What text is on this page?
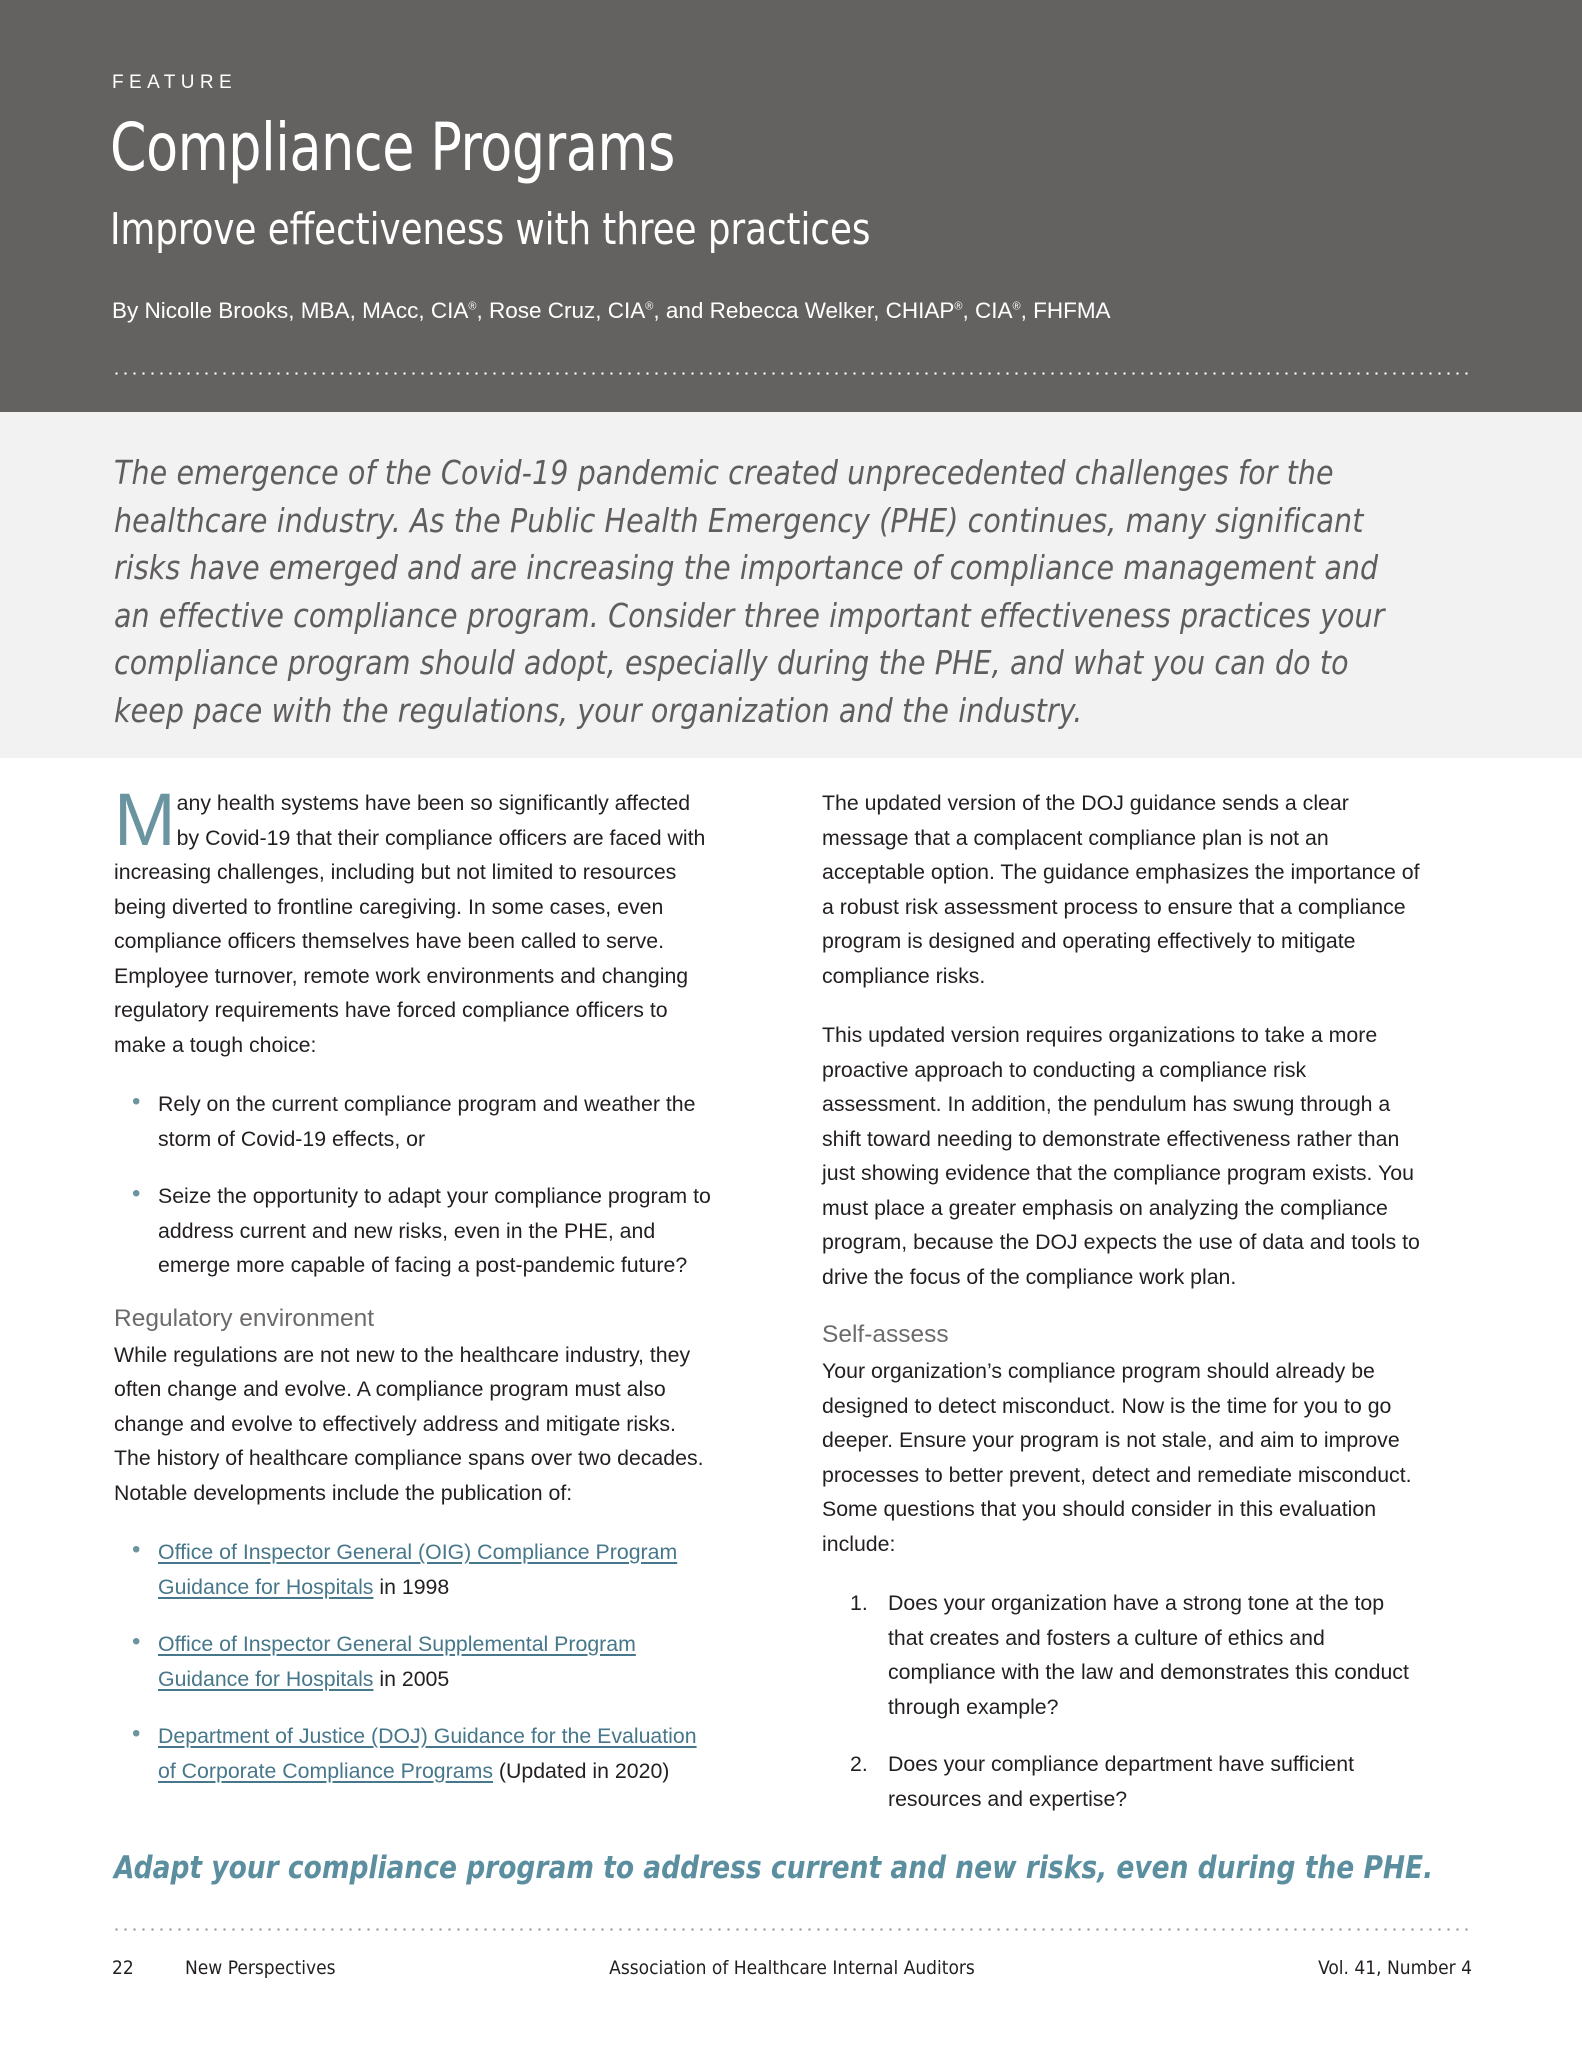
FEATURE
Compliance Programs
Improve effectiveness with three practices
By Nicolle Brooks, MBA, MAcc, CIA®, Rose Cruz, CIA®, and Rebecca Welker, CHIAP®, CIA®, FHFMA
The emergence of the Covid-19 pandemic created unprecedented challenges for the healthcare industry. As the Public Health Emergency (PHE) continues, many significant risks have emerged and are increasing the importance of compliance management and an effective compliance program. Consider three important effectiveness practices your compliance program should adopt, especially during the PHE, and what you can do to keep pace with the regulations, your organization and the industry.

Many health systems have been so significantly affected by Covid-19 that their compliance officers are faced with increasing challenges, including but not limited to resources being diverted to frontline caregiving. In some cases, even compliance officers themselves have been called to serve. Employee turnover, remote work environments and changing regulatory requirements have forced compliance officers to make a tough choice:

• Rely on the current compliance program and weather the storm of Covid-19 effects, or
• Seize the opportunity to adapt your compliance program to address current and new risks, even in the PHE, and emerge more capable of facing a post-pandemic future?
Regulatory environment

While regulations are not new to the healthcare industry, they often change and evolve. A compliance program must also change and evolve to effectively address and mitigate risks. The history of healthcare compliance spans over two decades. Notable developments include the publication of:

• Office of Inspector General (OIG) Compliance Program Guidance for Hospitals in 1998
• Office of Inspector General Supplemental Program Guidance for Hospitals in 2005
• Department of Justice (DOJ) Guidance for the Evaluation of Corporate Compliance Programs (Updated in 2020)

The updated version of the DOJ guidance sends a clear message that a complacent compliance plan is not an acceptable option. The guidance emphasizes the importance of a robust risk assessment process to ensure that a compliance program is designed and operating effectively to mitigate compliance risks.

This updated version requires organizations to take a more proactive approach to conducting a compliance risk assessment. In addition, the pendulum has swung through a shift toward needing to demonstrate effectiveness rather than just showing evidence that the compliance program exists. You must place a greater emphasis on analyzing the compliance program, because the DOJ expects the use of data and tools to drive the focus of the compliance work plan.

Self-assess

Your organization’s compliance program should already be designed to detect misconduct. Now is the time for you to go deeper. Ensure your program is not stale, and aim to improve processes to better prevent, detect and remediate misconduct. Some questions that you should consider in this evaluation include:

Does your organization have a strong tone at the top that creates and fosters a culture of ethics and compliance with the law and demonstrates this conduct through example?
Does your compliance department have sufficient resources and expertise?
Adapt your compliance program to address current and new risks, even during the PHE.
Association of Healthcare Internal Auditors
22	New Perspectives	Vol. 41, Number 4
